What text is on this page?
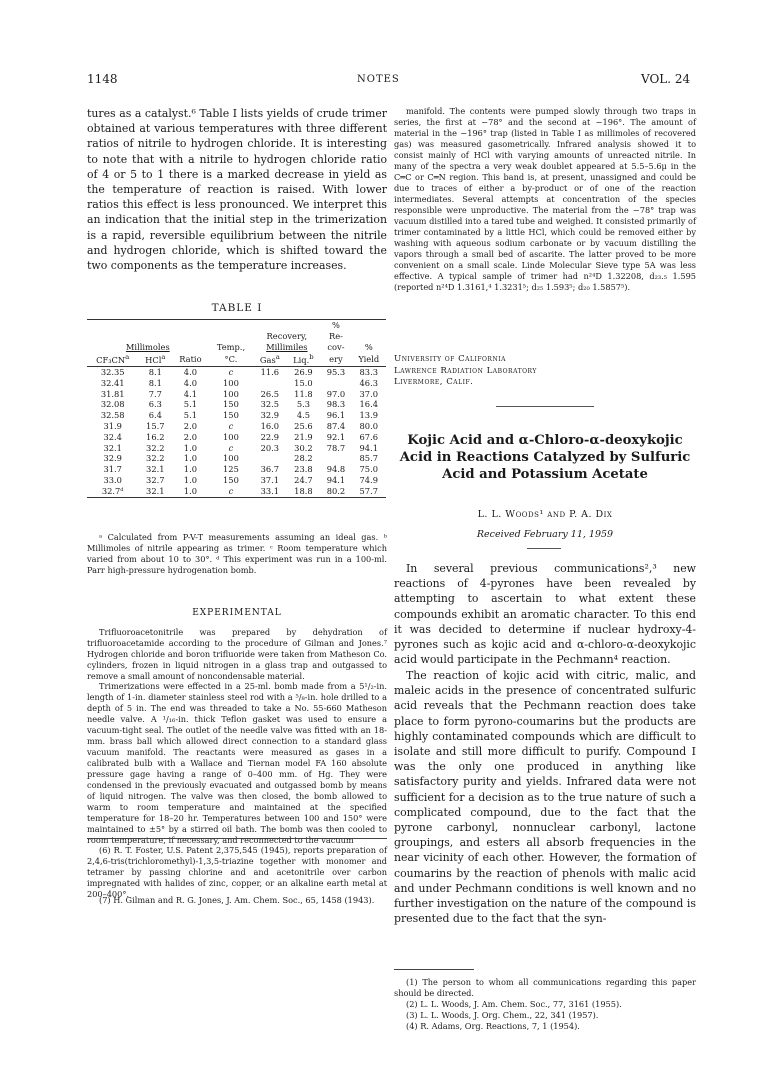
1148	NOTES	VOL. 24

tures as a catalyst.⁶ Table I lists yields of crude trimer obtained at various temperatures with three different ratios of nitrile to hydrogen chloride. It is interesting to note that with a nitrile to hydrogen chloride ratio of 4 or 5 to 1 there is a marked decrease in yield as the temperature of reaction is raised. With lower ratios this effect is less pronounced. We interpret this an indication that the initial step in the trimerization is a rapid, reversible equilibrium between the nitrile and hydrogen chloride, which is shifted toward the two components as the temperature increases.

TABLE I
				Recovery,		%
Re-	
Millimoles			Temp.,	Millimiles		cov-	%
$CF_3CN^a$	HCl$^a$	Ratio	°C.	Gas$^a$	Liq.$^b$	ery	Yield
32.35	8.1	4.0	c	11.6	26.9	95.3	83.3
32.41	8.1	4.0	100		15.0		46.3
31.81	7.7	4.1	100	26.5	11.8	97.0	37.0
32.08	6.3	5.1	150	32.5	5.3	98.3	16.4
32.58	6.4	5.1	150	32.9	4.5	96.1	13.9
31.9	15.7	2.0	c	16.0	25.6	87.4	80.0
32.4	16.2	2.0	100	22.9	21.9	92.1	67.6
32.1	32.2	1.0	c	20.3	30.2	78.7	94.1
32.9	32.2	1.0	100		28.2		85.7
31.7	32.1	1.0	125	36.7	23.8	94.8	75.0
33.0	32.7	1.0	150	37.1	24.7	94.1	74.9
32.7ᵈ	32.1	1.0	c	33.1	18.8	80.2	57.7

ᵃ Calculated from P-V-T measurements assuming an ideal gas. ᵇ Millimoles of nitrile appearing as trimer. ᶜ Room temperature which varied from about 10 to 30°. ᵈ This experiment was run in a 100-ml. Parr high-pressure hydrogenation bomb.

EXPERIMENTAL

Trifluoroacetonitrile was prepared by dehydration of trifluoroacetamide according to the procedure of Gilman and Jones.⁷ Hydrogen chloride and boron trifluoride were taken from Matheson Co. cylinders, frozen in liquid nitrogen in a glass trap and outgassed to remove a small amount of noncondensable material.

Trimerizations were effected in a 25-ml. bomb made from a 5¹/₂-in. length of 1-in. diameter stainless steel rod with a ⁵/₈-in. hole drilled to a depth of 5 in. The end was threaded to take a No. 55-660 Matheson needle valve. A ¹/₁₆-in. thick Teflon gasket was used to ensure a vacuum-tight seal. The outlet of the needle valve was fitted with an 18-mm. brass ball which allowed direct connection to a standard glass vacuum manifold. The reactants were measured as gases in a calibrated bulb with a Wallace and Tiernan model FA 160 absolute pressure gage having a range of 0–400 mm. of Hg. They were condensed in the previously evacuated and outgassed bomb by means of liquid nitrogen. The valve was then closed, the bomb allowed to warm to room temperature and maintained at the specified temperature for 18–20 hr. Temperatures between 100 and 150° were maintained to ±5° by a stirred oil bath. The bomb was then cooled to room temperature, if necessary, and reconnected to the vacuum

(6) R. T. Foster, U.S. Patent 2,375,545 (1945), reports preparation of 2,4,6-tris(trichloromethyl)-1,3,5-triazine together with monomer and tetramer by passing chlorine and and acetonitrile over carbon impregnated with halides of zinc, copper, or an alkaline earth metal at 200–400°.

(7) H. Gilman and R. G. Jones, J. Am. Chem. Soc., 65, 1458 (1943).

manifold. The contents were pumped slowly through two traps in series, the first at −78° and the second at −196°. The amount of material in the −196° trap (listed in Table I as millimoles of recovered gas) was measured gasometrically. Infrared analysis showed it to consist mainly of HCl with varying amounts of unreacted nitrile. In many of the spectra a very weak doublet appeared at 5.5–5.6μ in the C═C or C═N region. This band is, at present, unassigned and could be due to traces of either a by-product or of one of the reaction intermediates. Several attempts at concentration of the species responsible were unproductive. The material from the −78° trap was vacuum distilled into a tared tube and weighed. It consisted primarily of trimer contaminated by a little HCl, which could be removed either by washing with aqueous sodium carbonate or by vacuum distilling the vapors through a small bed of ascarite. The latter proved to be more convenient on a small scale. Linde Molecular Sieve type 5A was less effective. A typical sample of trimer had n²⁴D 1.32208, d₂₃.₅ 1.595 (reported n²⁴D 1.3161,⁴ 1.3231⁵; d₂₅ 1.593⁵; d₂₀ 1.5857⁵).

University of California
Lawrence Radiation Laboratory
Livermore, Calif.

Kojic Acid and α-Chloro-α-deoxykojic Acid in Reactions Catalyzed by Sulfuric Acid and Potassium Acetate

L. L. Woods¹ and P. A. Dix
Received February 11, 1959

In several previous communications²,³ new reactions of 4-pyrones have been revealed by attempting to ascertain to what extent these compounds exhibit an aromatic character. To this end it was decided to determine if nuclear hydroxy-4-pyrones such as kojic acid and α-chloro-α-deoxykojic acid would participate in the Pechmann⁴ reaction.

The reaction of kojic acid with citric, malic, and maleic acids in the presence of concentrated sulfuric acid reveals that the Pechmann reaction does take place to form pyrono-coumarins but the products are highly contaminated compounds which are difficult to isolate and still more difficult to purify. Compound I was the only one produced in anything like satisfactory purity and yields. Infrared data were not sufficient for a decision as to the true nature of such a complicated compound, due to the fact that the pyrone carbonyl, nonnuclear carbonyl, lactone groupings, and esters all absorb frequencies in the near vicinity of each other. However, the formation of coumarins by the reaction of phenols with malic acid and under Pechmann conditions is well known and no further investigation on the nature of the compound is presented due to the fact that the syn-

(1) The person to whom all communications regarding this paper should be directed.

(2) L. L. Woods, J. Am. Chem. Soc., 77, 3161 (1955).

(3) L. L. Woods, J. Org. Chem., 22, 341 (1957).

(4) R. Adams, Org. Reactions, 7, 1 (1954).
